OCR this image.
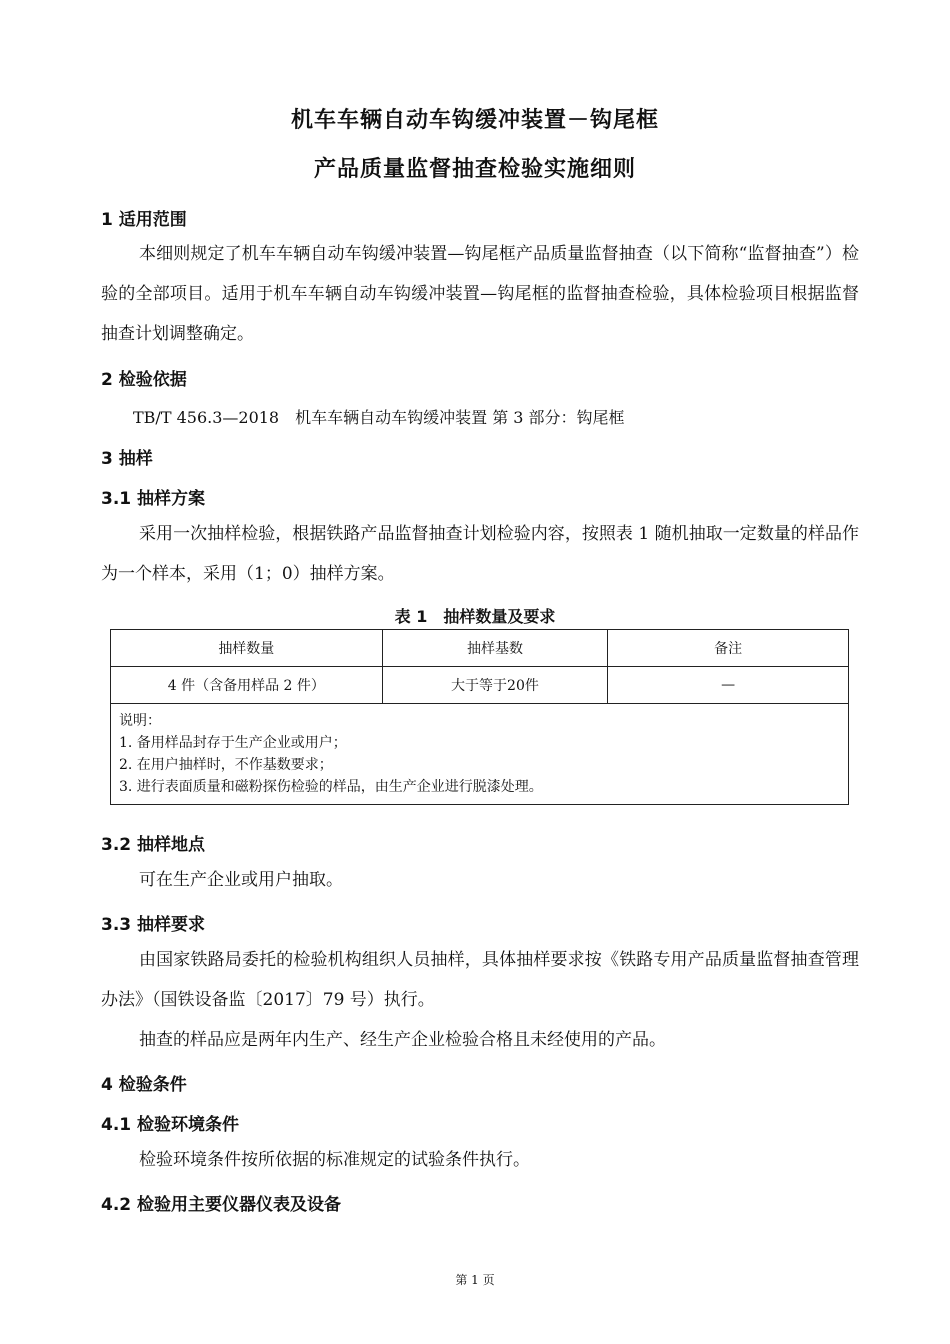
机车车辆自动车钩缓冲装置－钩尾框
产品质量监督抽查检验实施细则
1 适用范围
本细则规定了机车车辆自动车钩缓冲装置—钩尾框产品质量监督抽查（以下简称“监督抽查”）检验的全部项目。适用于机车车辆自动车钩缓冲装置—钩尾框的监督抽查检验，具体检验项目根据监督抽查计划调整确定。
2 检验依据
TB/T 456.3—2018　机车车辆自动车钩缓冲装置 第 3 部分：钩尾框
3 抽样
3.1 抽样方案
采用一次抽样检验，根据铁路产品监督抽查计划检验内容，按照表 1 随机抽取一定数量的样品作为一个样本，采用（1；0）抽样方案。
表 1　抽样数量及要求
抽样数量	抽样基数	备注
4 件（含备用样品 2 件）	大于等于20件	—

说明：
1. 备用样品封存于生产企业或用户；
2. 在用户抽样时，不作基数要求；
3. 进行表面质量和磁粉探伤检验的样品，由生产企业进行脱漆处理。		
3.2 抽样地点
可在生产企业或用户抽取。
3.3 抽样要求
由国家铁路局委托的检验机构组织人员抽样，具体抽样要求按《铁路专用产品质量监督抽查管理办法》（国铁设备监〔2017〕79 号）执行。
抽查的样品应是两年内生产、经生产企业检验合格且未经使用的产品。
4 检验条件
4.1 检验环境条件
检验环境条件按所依据的标准规定的试验条件执行。
4.2 检验用主要仪器仪表及设备
第 1 页
